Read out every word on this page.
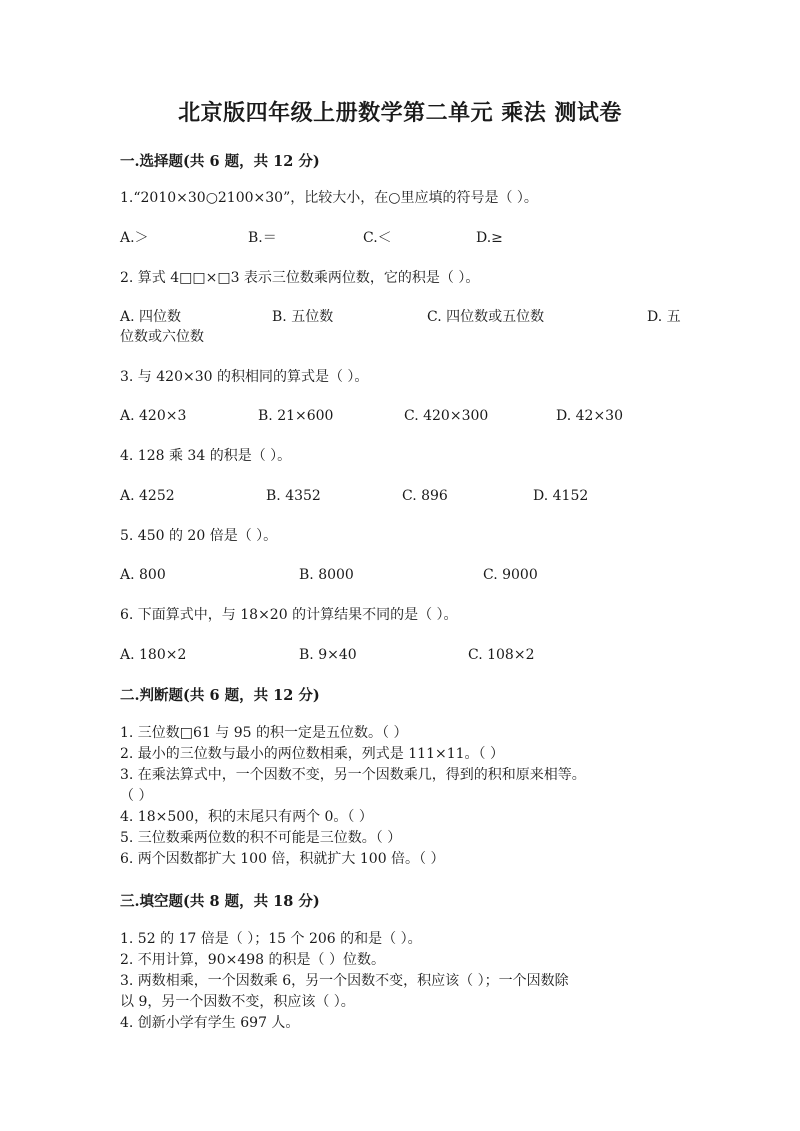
北京版四年级上册数学第二单元 乘法 测试卷
一.选择题(共 6 题，共 12 分)
1.“2010×30○2100×30”，比较大小，在○里应填的符号是（ ）。
A.＞	B.＝	C.＜	D.≥
2. 算式 4□□×□3 表示三位数乘两位数，它的积是（ ）。
A. 四位数	B. 五位数	C. 四位数或五位数	D. 五
位数或六位数
3. 与 420×30 的积相同的算式是（ ）。
A. 420×3	B. 21×600	C. 420×300	D. 42×30
4. 128 乘 34 的积是（ ）。
A. 4252	B. 4352	C. 896	D. 4152
5. 450 的 20 倍是（ ）。
A. 800	B. 8000	C. 9000
6. 下面算式中，与 18×20 的计算结果不同的是（ ）。
A. 180×2	B. 9×40	C. 108×2
二.判断题(共 6 题，共 12 分)
1. 三位数□61 与 95 的积一定是五位数。（ ）
2. 最小的三位数与最小的两位数相乘，列式是 111×11。（ ）
3. 在乘法算式中，一个因数不变，另一个因数乘几，得到的积和原来相等。
（ ）
4. 18×500，积的末尾只有两个 0。（ ）
5. 三位数乘两位数的积不可能是三位数。（ ）
6. 两个因数都扩大 100 倍，积就扩大 100 倍。（ ）
三.填空题(共 8 题，共 18 分)
1. 52 的 17 倍是（ ）；15 个 206 的和是（ ）。
2. 不用计算，90×498 的积是（ ）位数。
3. 两数相乘，一个因数乘 6，另一个因数不变，积应该（ ）；一个因数除
以 9，另一个因数不变，积应该（ ）。
4. 创新小学有学生 697 人。
